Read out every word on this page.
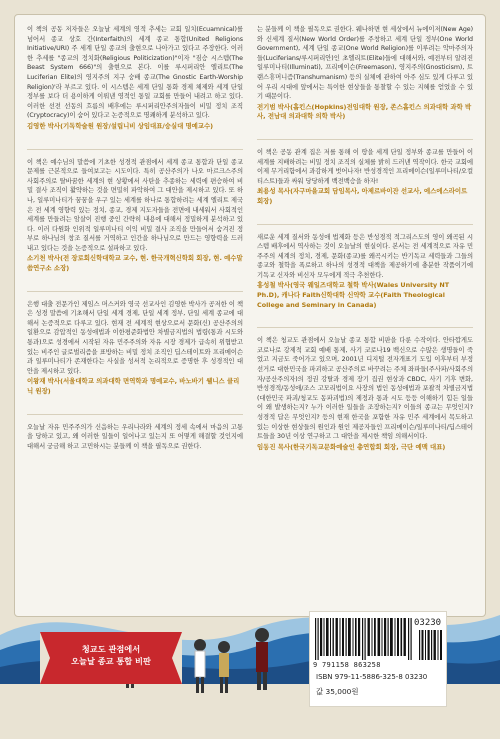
이 책의 공동 저자들은 오늘날 세계의 영적 추세는 교회 일치(Ecuamnical)를 넘어서 종교 상호 간(Interfaith)의 세계 종교 통합(United Religions Initiative/URI) 주 세계 단일 종교의 출현으로 나아가고 있다고 주장한다. 이러한 추세를 "종교의 정치화(Religious Politicization)"이자 "짐승 시스템(The Beast System 666)"의 출현으로 본다. 이를 루시퍼리안 엘리트(The Luciferian Elite)의 영지주의 지구 숭배 종교(The Gnostic Earth-Worship Religion)'라 부르고 있다. 이 시스템은 세계 단일 통화 경제 체제와 세계 단일 정부를 보다 더 용이하게 이뤄낸 영적인 통일 교회를 만들어 내려고 하고 있다. 이러한 선전 선동의 흐름의 배후에는 루시퍼리안주의자들이 비밀 정치 조직(Cryptocracy)이 숨어 있다고 논증적으로 명쾌하게 분석하고 있다.

김영한 박사(기독학술원 원장/설립니비 상임대표/숭실대 명예교수)

이 책은 예수님의 말씀에 기초한 성경적 관점에서 세계 종교 통합과 단일 종교 문제를 근본적으로 들여보고는 시도이다. 특히 공산주의가 나오 마르크스주의 사회주의로 탈바꿈한 세계의 현 상황에서 사탄을 추종하는 세력에 편승하여 비밀 결사 조직이 활약하는 것을 면밀히 파악하여 그 대안을 제시하고 있다. 또 하나, 일루미나티가 꿈꿈을 우구 있는 세계를 하나로 통합하려는 세계 엘리트 제국은 전 세계 영향력 있는 정치, 종교, 경제 지도자들을 전면에 내세워서 사회적인 세계를 만들려는 암살이 진행 중인 간략히 내용에 대해서 정밀하게 분석하고 있다. 이러 다원화 인위적 일루미나티 이익 비밀 결사 조직을 만들어서 숨겨진 정부로 하나님의 창조 질서를 거역하고 인간을 하나님으로 만드는 영향력을 드러내고 있다는 것을 논증적으로 설파하고 있다.

소기천 박사(전 장로회신학대학교 교수, 현. 한국개혁신학회 회장, 현. 예수말씀연구소 소장)

은행 대출 전문가인 제임스 머스커와 영국 선교사인 김영한 박사가 공저한 이 책은 성경 말씀에 기초해서 단일 세계 경제, 단일 세계 정부, 단일 세계 종교에 대해서 논증적으로 다루고 있다. 현재 전 세계적 현상으로서 문화(신) 공산주의의 일환으로 감압적인 동성애법과 이한평준화법안 차별금지법의 법령(통과 시도와 통과)으로 성경에서 시작된 자유 민주주의와 자유 시장 경제가 급속히 위협받고 있는 비주인 글로벌리즘을 표방하는 비밀 정치 조직인 딥스테이트와 프리메이슨과 일루미나티가 존재한다는 사실을 성서적 논리적으로 증명한 후 성경적인 대안을 제시하고 있다.

이왕재 박사(서울대학교 의과대학 면역학과 명예교수, 바노바기 웰니스 클리닉 원장)

오늘날 자유 민주주의가 신음하는 우리나라와 세계의 정세 속에서 마음의 고통을 당하고 있고, 왜 이러한 일들이 일어나고 있는지 또 어떻게 해결할 것인지에 대해서 궁금해 하고 고민하시는 분들께 이 책을 필독으로 권한다.

는 분들께 이 책을 필독으로 권한다. 웨나하면 현 세상에서 뉴에이저(New Age)와 신세계 질서(New World Order)를 주창하고 세계 단일 정부(One World Government), 세계 단일 종교(One World Religion)를 이루려는 악마주의자들(Luciferians/루시퍼리안)인 초엘리트(Elite)들에 대해서와, 예전부터 알려진 일루미나티(Illuminati), 프리메이슨(Freemason), 영지주의(Gnosticism), 트랜스휴머니즘(Transhumanism) 등의 실체에 관하여 아주 심도 있게 다루고 있어 우리 시대에 앞에서는 특이한 현상들을 통찰할 수 있는 지혜를 얻었을 수 있기 때문이다.

전기범 박사(홉킨스(Hopkins)전임대학 원장, 존스홉킨스 의과대학 과학 박사, 전남대 의과대학 의학 박사)

이 책은 공동 관계 집은 저를 통해 이 땅을 세계 단일 정부와 종교를 만들어 이 세계를 지배하려는 비밀 정치 조직의 실체를 밝히 드러낸 역작이다. 한국 교회에 이제 무거리함에서 과감하게 벗어나자! 반성경적인 프리메이슨(일루미나티/오컬티스트)들과 싸워 당당하게 백전백승을 하자!

최용성 목사(자구마을교회 담임목사, 아제르바이잔 선교사, 에스에스라이트 회장)

새로운 세계 질서와 동성애 법제화 등은 반성경적 적그리스도의 영이 왜곡된 시스템 배후에서 역사하는 것이 오늘날의 현실이다. 본서는 전 세계적으로 자유 민주주의 세계의 정치, 경제, 문화(종교)를 왜곡시키는 반기독교 세력들과 그들의 종교와 철학을 폭로하고 하나의 성경적 대책을 제공하기에 충분한 작품이기에 기독교 신자와 비신자 모두에게 적극 추천한다.

홍성철 박사(영국 웨일즈대학교 철학 박사(Wales University NT Ph.D), 캐나다 Faith신학대학 신약학 교수(Faith Theological College and Seminary in Canada)

이 책은 청교도 관점에서 오늘날 종교 통합 비판을 다룬 수작이다. 안타깝게도 코로나로 강제적 교회 예배 통제, 사기 코로나19 백신으로 수많은 생명들이 죽었고 지금도 죽어가고 있으며, 2001년 디지털 전자개표기 도입 이후부터 부정선거로 대한민국을 파괴하고 공산주의로 바꾸려는 주체 좌파들(주사파/사회주의자/공산주의자)의 정권 강탈과 경제 장기 집권 현상과 CBDC, 사기 기후 변화, 반성경적/동성애/조스 고모리법이요 사장의 법인 동성애법과 포괄적 차별금지법(대한민국 파괴/청교도 동파괴법)의 제정과 통과 시도 등등 이해하기 힘든 일들이 왜 발생하는지? 누가 이러한 일들을 조장하는지? 이들의 종교는 무엇인지? 성경적 답은 무엇인지? 등의 현재 한국을 포함한 자유 민주 세계에서 목도하고 있는 이상한 현상들의 원인과 원인 제공자들인 프리메이슨/일루미나티/딥스테이트들을 30년 이상 연구하고 그 대안을 제시한 책임 의해서이다.

임동진 목사(한국기독교문화예술인 총연합회 회장, 극단 예맥 대표)

청교도 관점에서
오늘날 종교 통합 비판
03230
9 791158 863258
ISBN 979-11-5886-325-8 03230
값 35,000원
